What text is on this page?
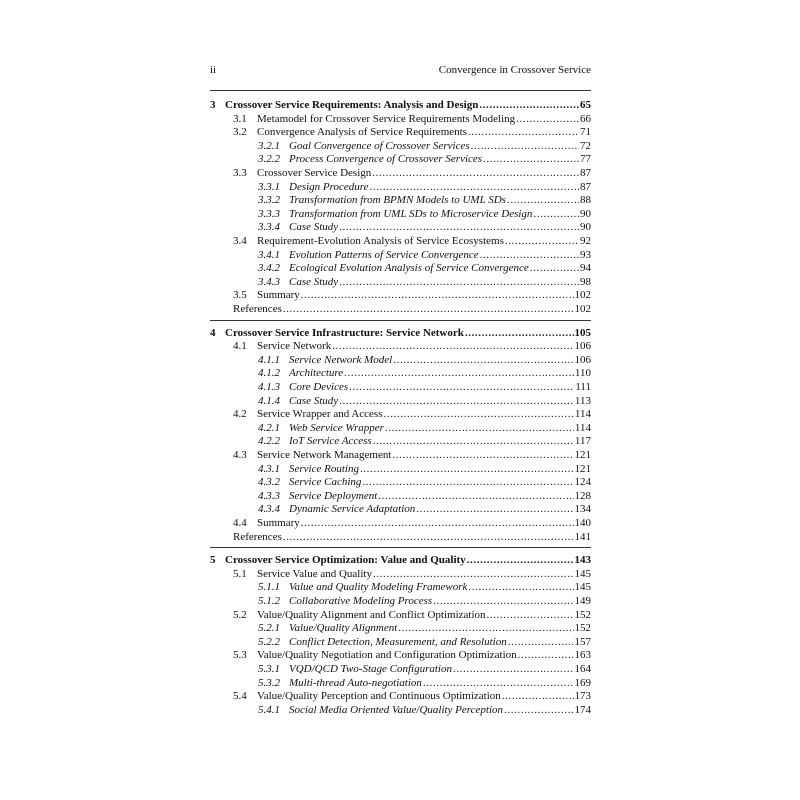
ii	Convergence in Crossover Service
3 Crossover Service Requirements: Analysis and Design .....	65
3.1 Metamodel for Crossover Service Requirements Modeling .....	66
3.2 Convergence Analysis of Service Requirements .....	71
3.2.1 Goal Convergence of Crossover Services .....	72
3.2.2 Process Convergence of Crossover Services .....	77
3.3 Crossover Service Design .....	87
3.3.1 Design Procedure .....	87
3.3.2 Transformation from BPMN Models to UML SDs .....	88
3.3.3 Transformation from UML SDs to Microservice Design .....	90
3.3.4 Case Study .....	90
3.4 Requirement-Evolution Analysis of Service Ecosystems .....	92
3.4.1 Evolution Patterns of Service Convergence .....	93
3.4.2 Ecological Evolution Analysis of Service Convergence .....	94
3.4.3 Case Study .....	98
3.5 Summary .....	102
References .....	102
4 Crossover Service Infrastructure: Service Network .....	105
4.1 Service Network .....	106
4.1.1 Service Network Model .....	106
4.1.2 Architecture .....	110
4.1.3 Core Devices .....	111
4.1.4 Case Study .....	113
4.2 Service Wrapper and Access .....	114
4.2.1 Web Service Wrapper .....	114
4.2.2 IoT Service Access .....	117
4.3 Service Network Management .....	121
4.3.1 Service Routing .....	121
4.3.2 Service Caching .....	124
4.3.3 Service Deployment .....	128
4.3.4 Dynamic Service Adaptation .....	134
4.4 Summary .....	140
References .....	141
5 Crossover Service Optimization: Value and Quality .....	143
5.1 Service Value and Quality .....	145
5.1.1 Value and Quality Modeling Framework .....	145
5.1.2 Collaborative Modeling Process .....	149
5.2 Value/Quality Alignment and Conflict Optimization .....	152
5.2.1 Value/Quality Alignment .....	152
5.2.2 Conflict Detection, Measurement, and Resolution .....	157
5.3 Value/Quality Negotiation and Configuration Optimization .....	163
5.3.1 VQD/QCD Two-Stage Configuration .....	164
5.3.2 Multi-thread Auto-negotiation .....	169
5.4 Value/Quality Perception and Continuous Optimization .....	173
5.4.1 Social Media Oriented Value/Quality Perception .....	174
